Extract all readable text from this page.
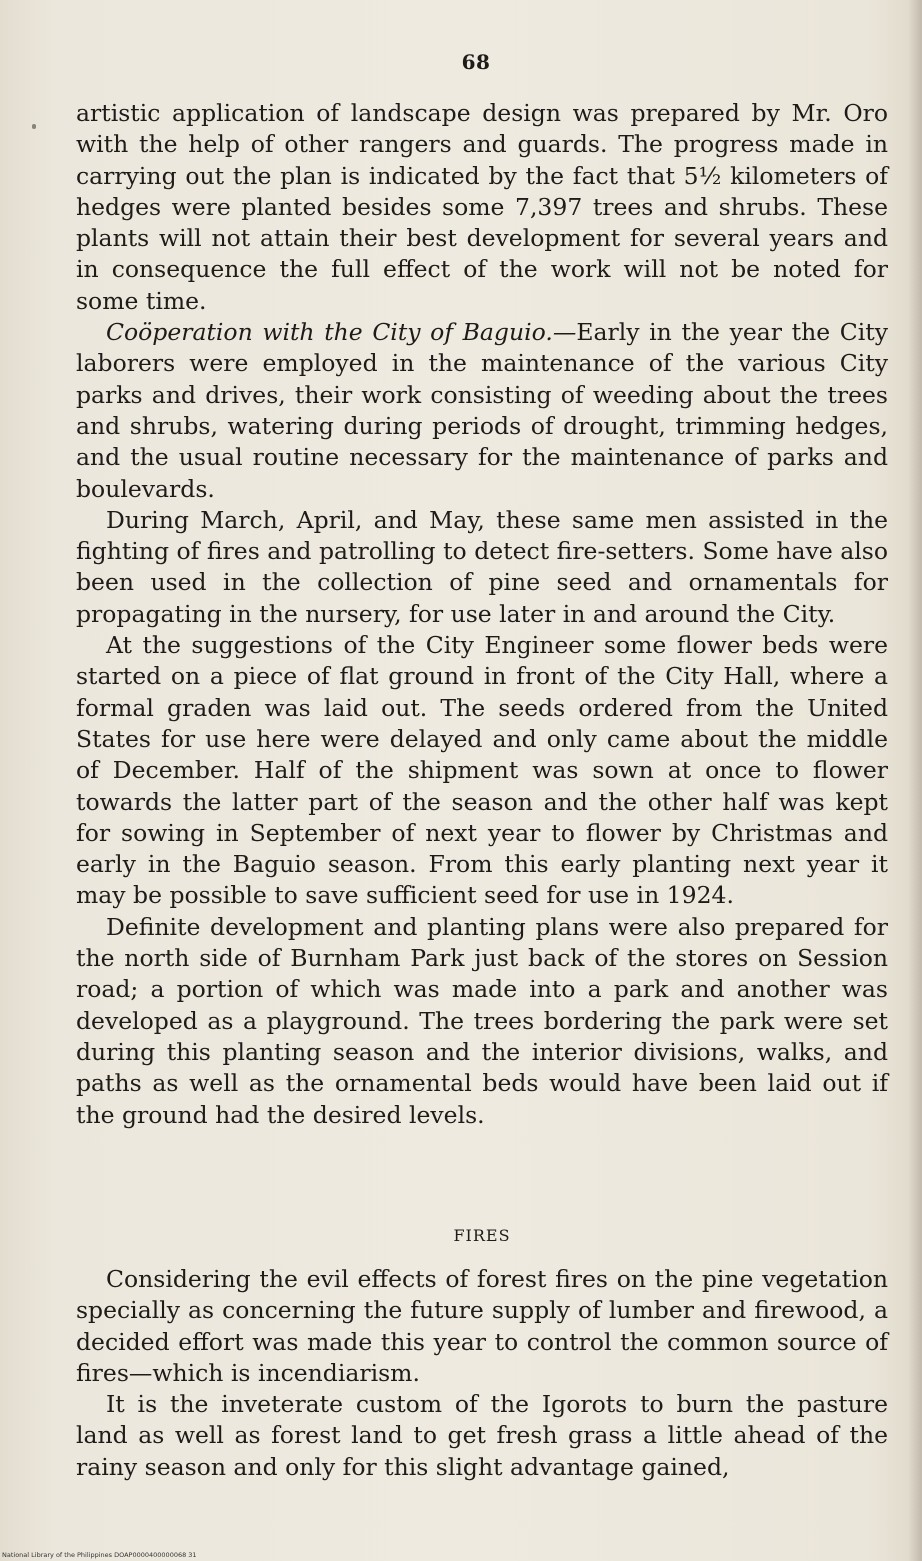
68

artistic application of landscape design was prepared by Mr. Oro with the help of other rangers and guards. The progress made in carrying out the plan is indicated by the fact that 5½ kilometers of hedges were planted besides some 7,397 trees and shrubs. These plants will not attain their best development for several years and in consequence the full effect of the work will not be noted for some time.

Coöperation with the City of Baguio.—Early in the year the City laborers were employed in the maintenance of the various City parks and drives, their work consisting of weeding about the trees and shrubs, watering during periods of drought, trimming hedges, and the usual routine necessary for the maintenance of parks and boulevards.

During March, April, and May, these same men assisted in the fighting of fires and patrolling to detect fire-setters. Some have also been used in the collection of pine seed and ornamentals for propagating in the nursery, for use later in and around the City.

At the suggestions of the City Engineer some flower beds were started on a piece of flat ground in front of the City Hall, where a formal graden was laid out. The seeds ordered from the United States for use here were delayed and only came about the middle of December. Half of the shipment was sown at once to flower towards the latter part of the season and the other half was kept for sowing in September of next year to flower by Christmas and early in the Baguio season. From this early planting next year it may be possible to save sufficient seed for use in 1924.

Definite development and planting plans were also prepared for the north side of Burnham Park just back of the stores on Session road; a portion of which was made into a park and another was developed as a playground. The trees bordering the park were set during this planting season and the interior divisions, walks, and paths as well as the ornamental beds would have been laid out if the ground had the desired levels.

FIRES

Considering the evil effects of forest fires on the pine vegetation specially as concerning the future supply of lumber and firewood, a decided effort was made this year to control the common source of fires—which is incendiarism.

It is the inveterate custom of the Igorots to burn the pasture land as well as forest land to get fresh grass a little ahead of the rainy season and only for this slight advantage gained,

National Library of the Philippines DOAP0000400000068 31
